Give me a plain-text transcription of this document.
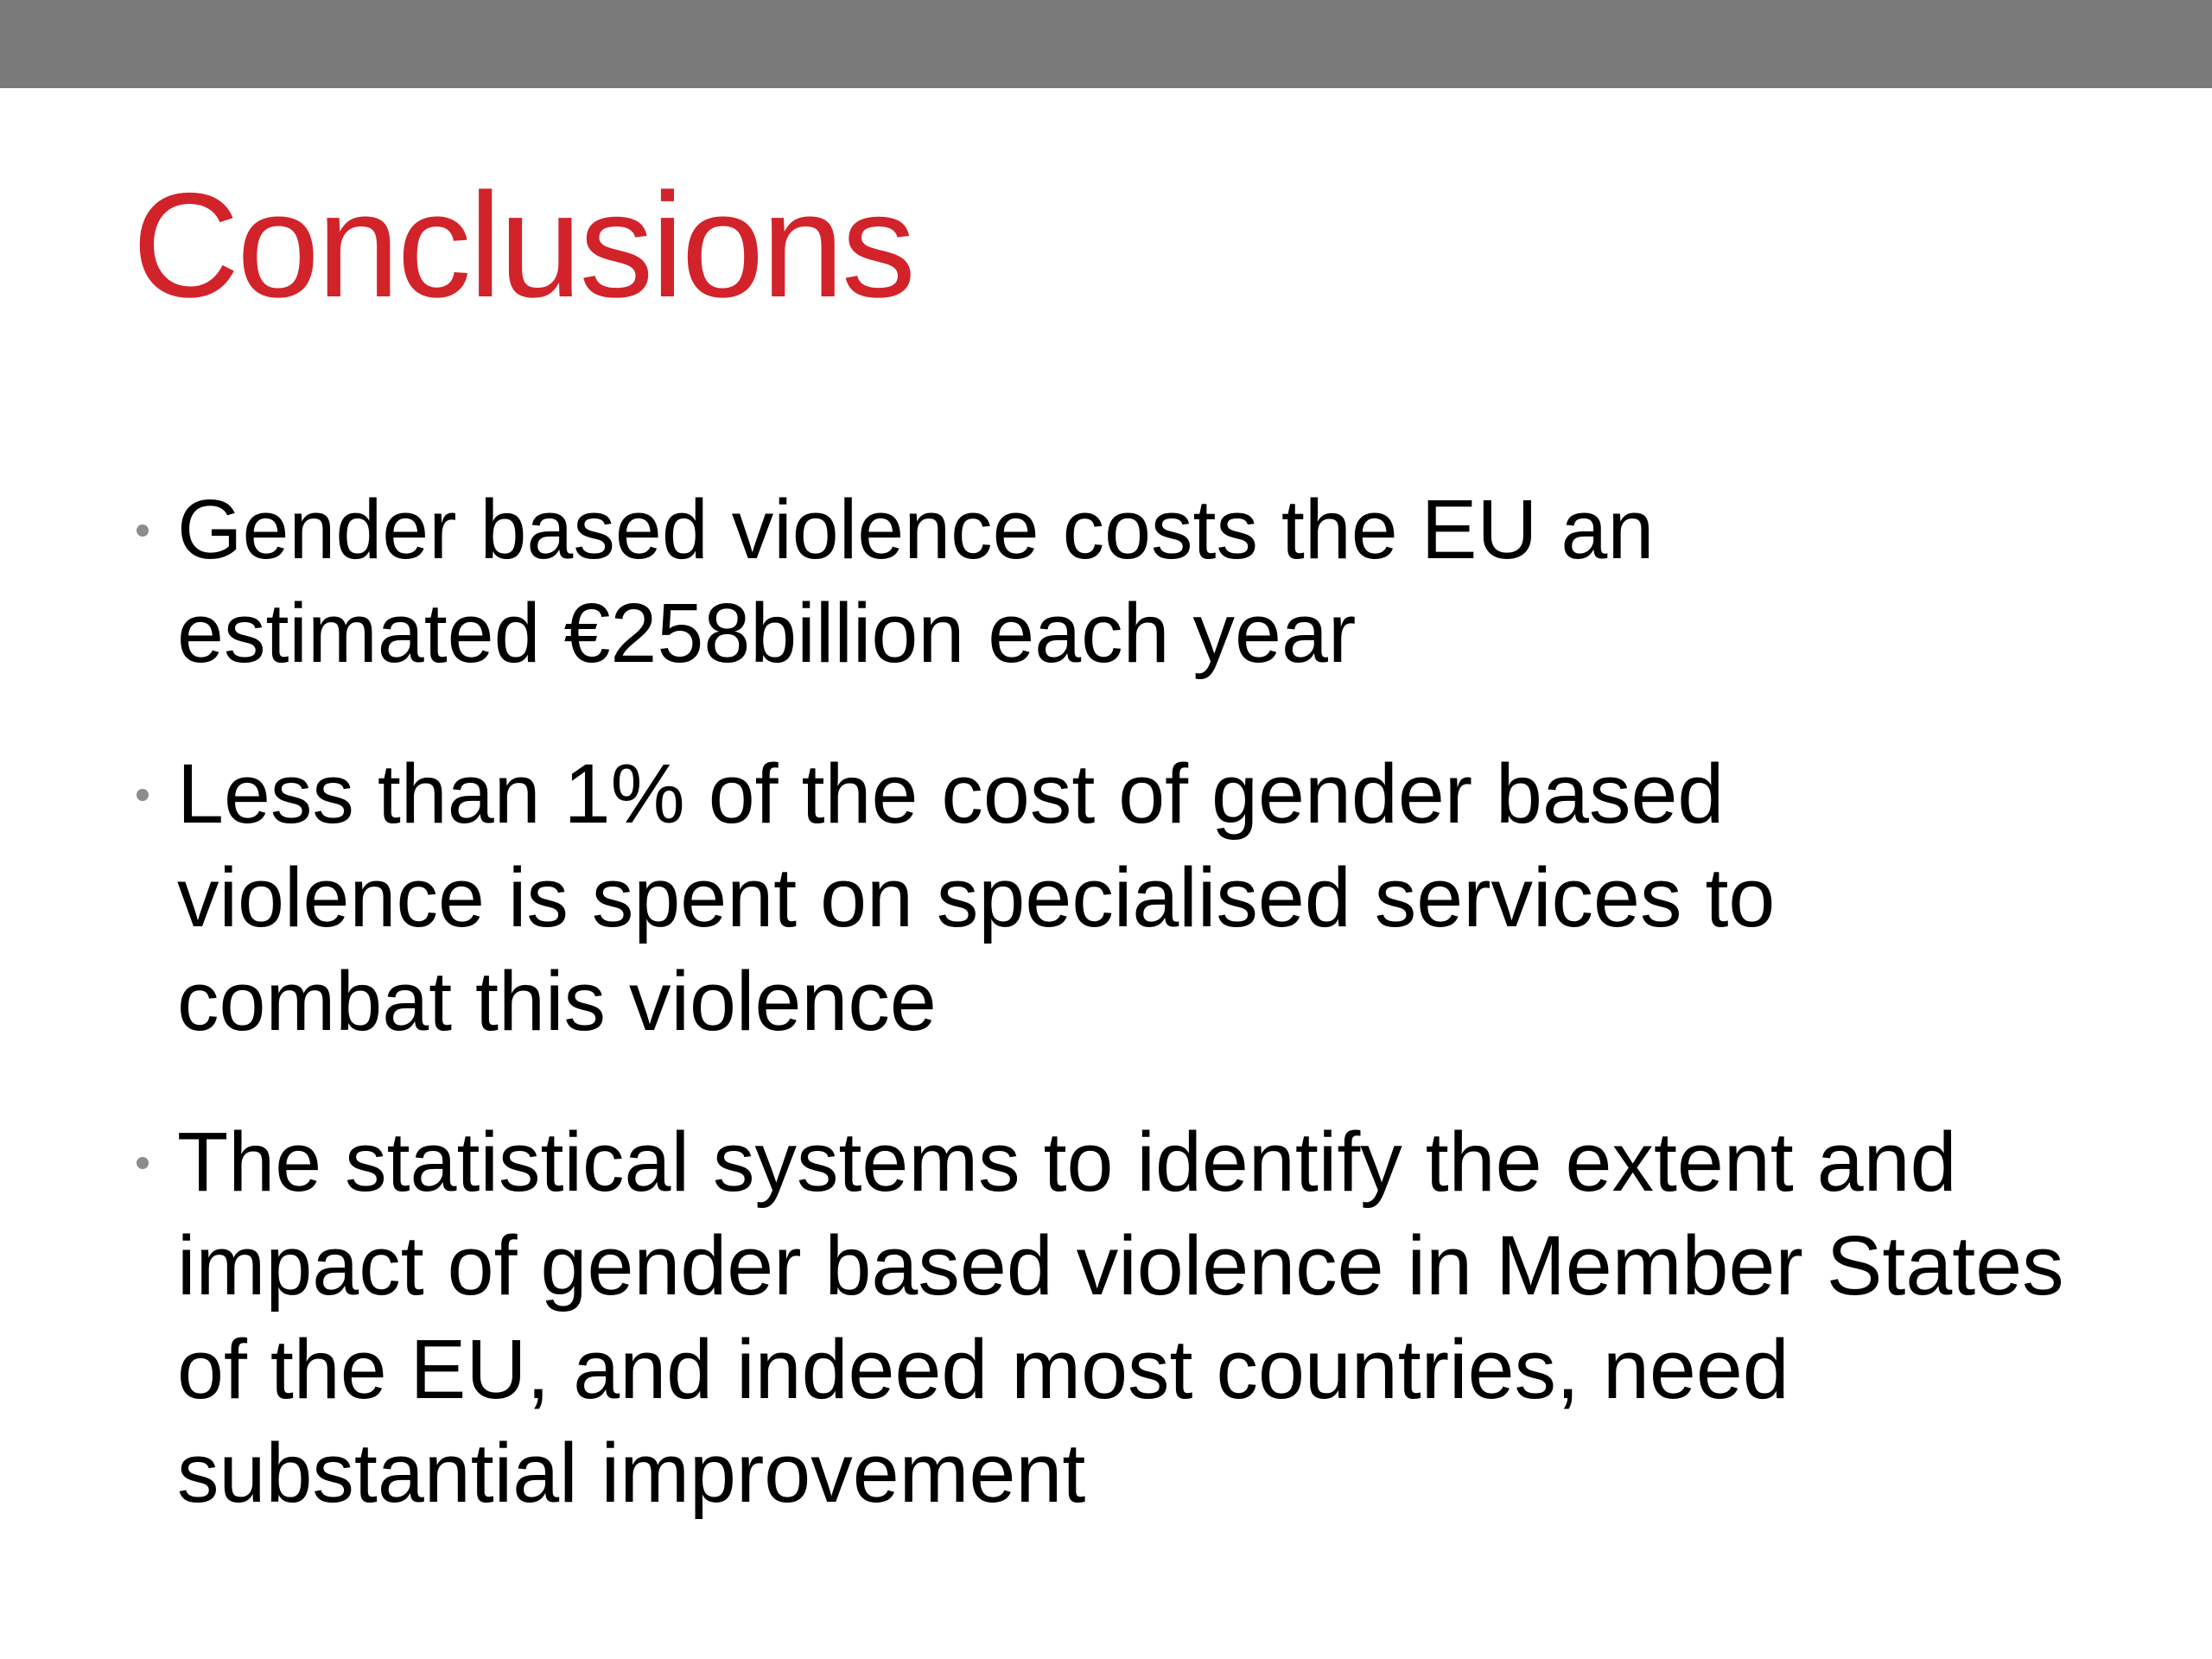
Conclusions
Gender based violence costs the EU an estimated €258billion each year
Less than 1% of the cost of gender based violence is spent on specialised services to combat this violence
The statistical systems to identify the extent and impact of gender based violence in Member States of the EU, and indeed most countries, need substantial improvement
